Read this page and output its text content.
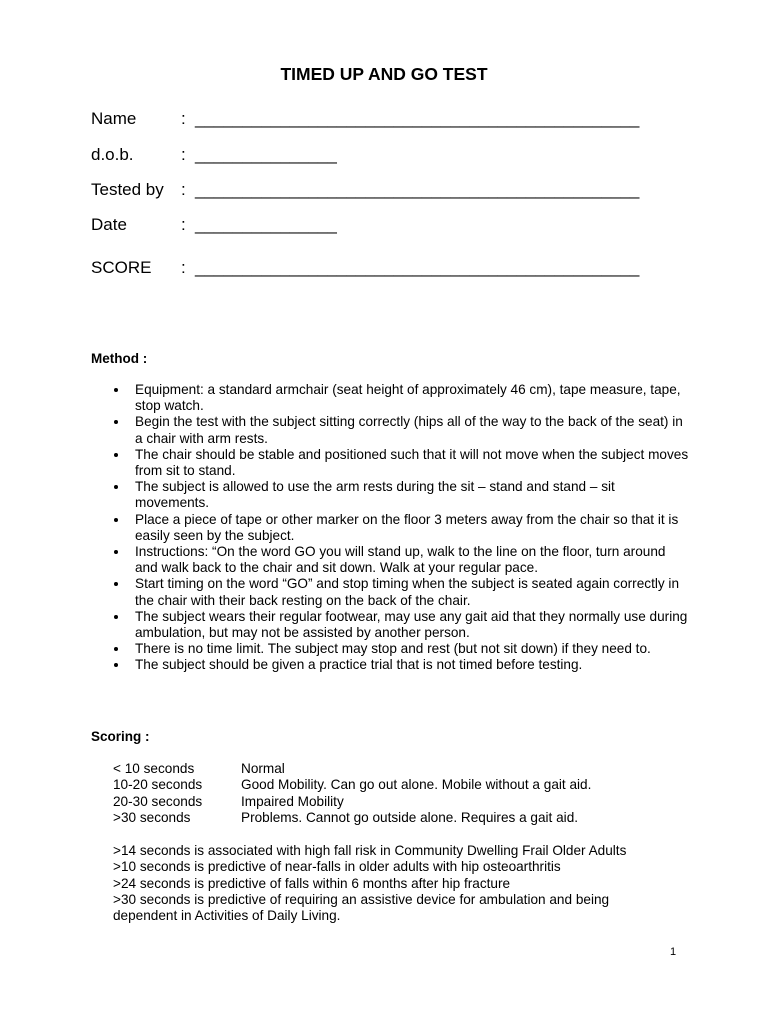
TIMED UP AND GO TEST
Name	: _______________________________________________
d.o.b.	: _______________
Tested by : _______________________________________________
Date	: _______________
SCORE : _______________________________________________
Method :
Equipment: a standard armchair (seat height of approximately 46 cm), tape measure, tape, stop watch.
Begin the test with the subject sitting correctly (hips all of the way to the back of the seat) in a chair with arm rests.
The chair should be stable and positioned such that it will not move when the subject moves from sit to stand.
The subject is allowed to use the arm rests during the sit – stand and stand – sit movements.
Place a piece of tape or other marker on the floor 3 meters away from the chair so that it is easily seen by the subject.
Instructions: “On the word GO you will stand up, walk to the line on the floor, turn around and walk back to the chair and sit down. Walk at your regular pace.
Start timing on the word “GO” and stop timing when the subject is seated again correctly in the chair with their back resting on the back of the chair.
The subject wears their regular footwear, may use any gait aid that they normally use during ambulation, but may not be assisted by another person.
There is no time limit. The subject may stop and rest (but not sit down) if they need to.
The subject should be given a practice trial that is not timed before testing.
Scoring :
< 10 seconds	Normal
10-20 seconds	Good Mobility. Can go out alone. Mobile without a gait aid.
20-30 seconds	Impaired Mobility
>30 seconds	Problems. Cannot go outside alone. Requires a gait aid.
>14 seconds is associated with high fall risk in Community Dwelling Frail Older Adults
>10 seconds is predictive of near-falls in older adults with hip osteoarthritis
>24 seconds is predictive of falls within 6 months after hip fracture
>30 seconds is predictive of requiring an assistive device for ambulation and being dependent in Activities of Daily Living.
1
